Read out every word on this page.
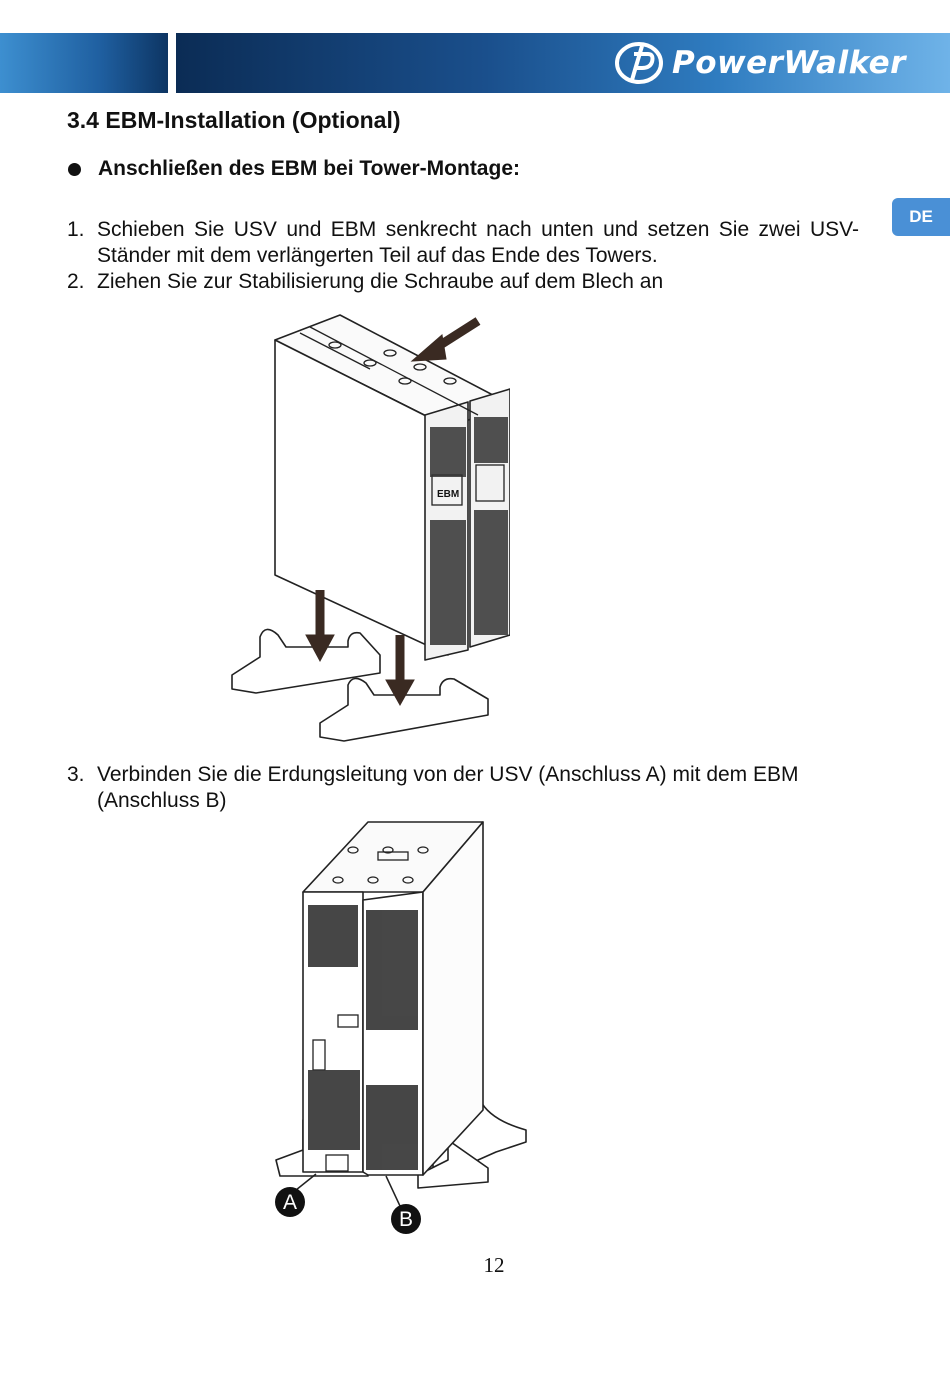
PowerWalker
DE
3.4 EBM-Installation (Optional)
Anschließen des EBM bei Tower-Montage:
1. Schieben Sie USV und EBM senkrecht nach unten und setzen Sie zwei USV-Ständer mit dem verlängerten Teil auf das Ende des Towers.
2. Ziehen Sie zur Stabilisierung die Schraube auf dem Blech an
EBM
3. Verbinden Sie die Erdungsleitung von der USV (Anschluss A) mit dem EBM (Anschluss B)
A
B
12
